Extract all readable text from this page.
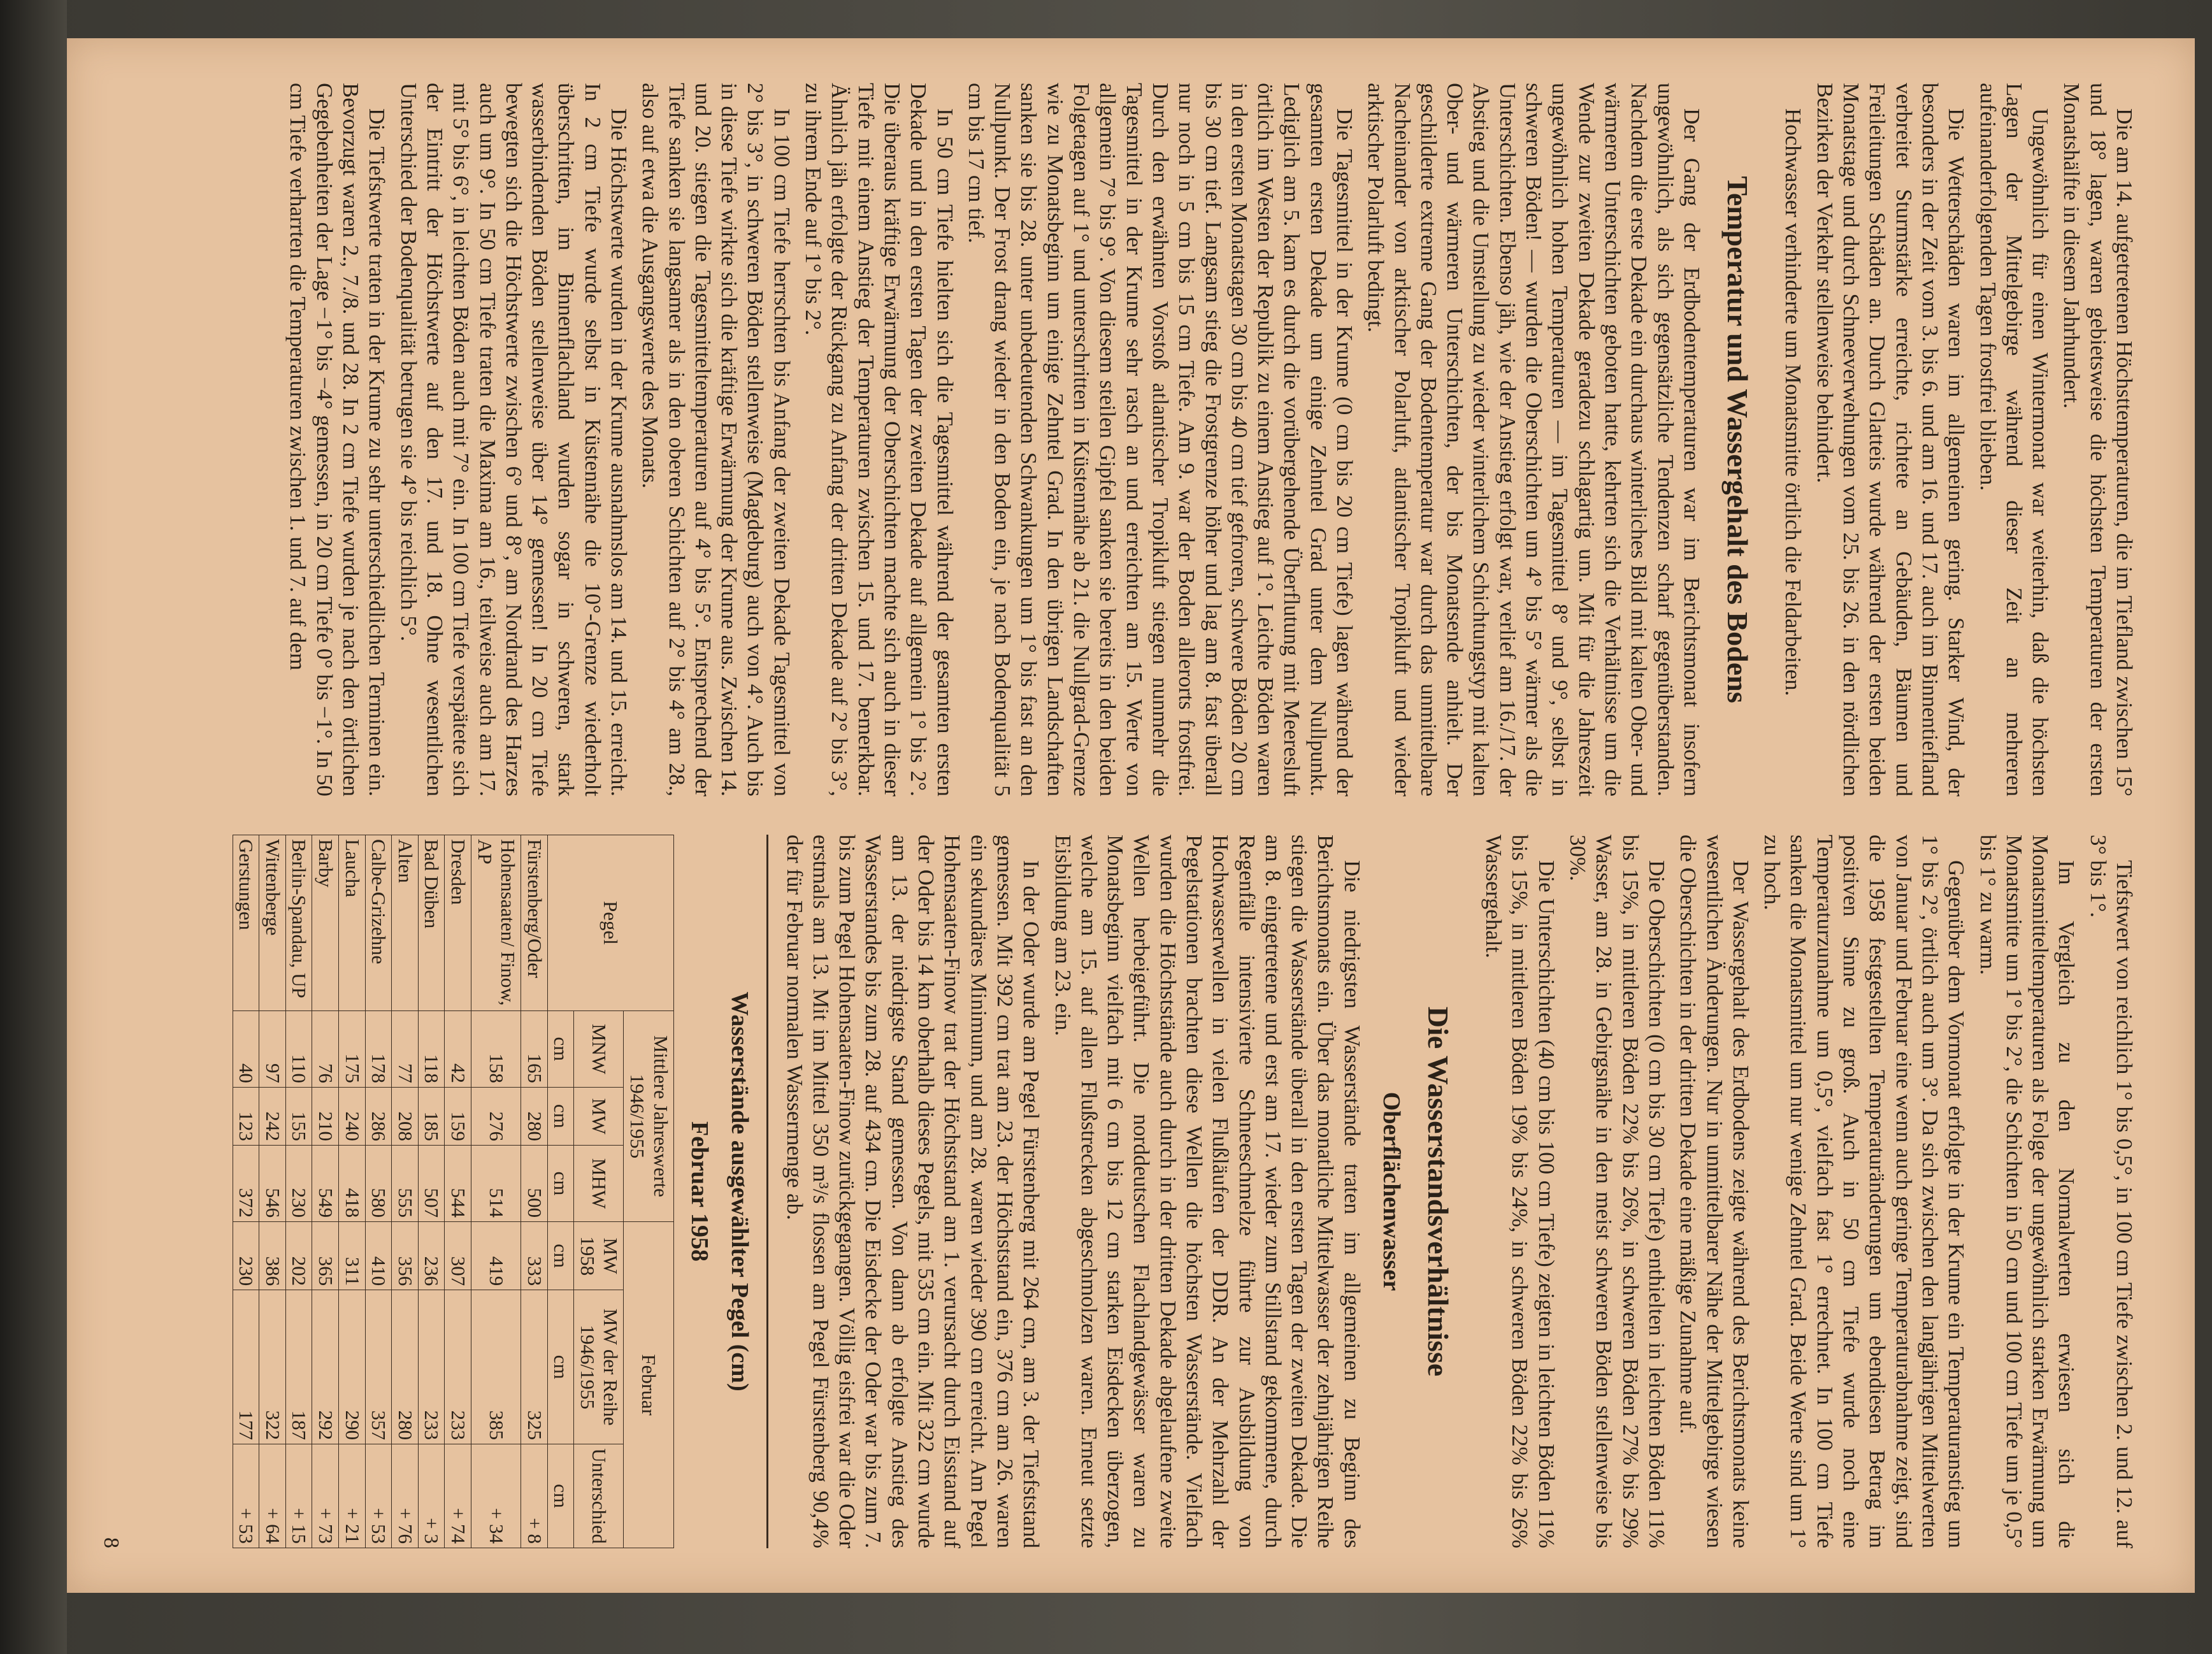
Die am 14. aufgetretenen Höchsttemperaturen, die im Tiefland zwischen 15° und 18° lagen, waren gebietsweise die höchsten Temperaturen der ersten Monatshälfte in diesem Jahrhundert.

Ungewöhnlich für einen Wintermonat war weiterhin, daß die höchsten Lagen der Mittelgebirge während dieser Zeit an mehreren aufeinanderfolgenden Tagen frostfrei blieben.

Die Wetterschäden waren im allgemeinen gering. Starker Wind, der besonders in der Zeit vom 3. bis 6. und am 16. und 17. auch im Binnentiefland verbreitet Sturmstärke erreichte, richtete an Gebäuden, Bäumen und Freileitungen Schäden an. Durch Glatteis wurde während der ersten beiden Monatstage und durch Schneeverwehungen vom 25. bis 26. in den nördlichen Bezirken der Verkehr stellenweise behindert.

Hochwasser verhinderte um Monatsmitte örtlich die Feldarbeiten.

Temperatur und Wassergehalt des Bodens

Der Gang der Erdbodentemperaturen war im Berichtsmonat insofern ungewöhnlich, als sich gegensätzliche Tendenzen scharf gegenüberstanden. Nachdem die erste Dekade ein durchaus winterliches Bild mit kalten Ober- und wärmeren Unterschichten geboten hatte, kehrten sich die Verhältnisse um die Wende zur zweiten Dekade geradezu schlagartig um. Mit für die Jahreszeit ungewöhnlich hohen Temperaturen — im Tagesmittel 8° und 9°, selbst in schweren Böden! — wurden die Oberschichten um 4° bis 5° wärmer als die Unterschichten. Ebenso jäh, wie der Anstieg erfolgt war, verlief am 16./17. der Abstieg und die Umstellung zu wieder winterlichem Schichtungstyp mit kalten Ober- und wärmeren Unterschichten, der bis Monatsende anhielt. Der geschilderte extreme Gang der Bodentemperatur war durch das unmittelbare Nacheinander von arktischer Polarluft, atlantischer Tropikluft und wieder arktischer Polarluft bedingt.

Die Tagesmittel in der Krume (0 cm bis 20 cm Tiefe) lagen während der gesamten ersten Dekade um einige Zehntel Grad unter dem Nullpunkt. Lediglich am 5. kam es durch die vorübergehende Überflutung mit Meeresluft örtlich im Westen der Republik zu einem Anstieg auf 1°. Leichte Böden waren in den ersten Monatstagen 30 cm bis 40 cm tief gefroren, schwere Böden 20 cm bis 30 cm tief. Langsam stieg die Frostgrenze höher und lag am 8. fast überall nur noch in 5 cm bis 15 cm Tiefe. Am 9. war der Boden allerorts frostfrei. Durch den erwähnten Vorstoß atlantischer Tropikluft stiegen nunmehr die Tagesmittel in der Krume sehr rasch an und erreichten am 15. Werte von allgemein 7° bis 9°. Von diesem steilen Gipfel sanken sie bereits in den beiden Folgetagen auf 1° und unterschritten in Küstennähe ab 21. die Nullgrad-Grenze wie zu Monatsbeginn um einige Zehntel Grad. In den übrigen Landschaften sanken sie bis 28. unter unbedeutenden Schwankungen um 1° bis fast an den Nullpunkt. Der Frost drang wieder in den Boden ein, je nach Bodenqualität 5 cm bis 17 cm tief.

In 50 cm Tiefe hielten sich die Tagesmittel während der gesamten ersten Dekade und in den ersten Tagen der zweiten Dekade auf allgemein 1° bis 2°. Die überaus kräftige Erwärmung der Oberschichten machte sich auch in dieser Tiefe mit einem Anstieg der Temperaturen zwischen 15. und 17. bemerkbar. Ähnlich jäh erfolgte der Rückgang zu Anfang der dritten Dekade auf 2° bis 3°, zu ihrem Ende auf 1° bis 2°.

In 100 cm Tiefe herrschten bis Anfang der zweiten Dekade Tagesmittel von 2° bis 3°, in schweren Böden stellenweise (Magdeburg) auch von 4°. Auch bis in diese Tiefe wirkte sich die kräftige Erwärmung der Krume aus. Zwischen 14. und 20. stiegen die Tagesmitteltemperaturen auf 4° bis 5°. Entsprechend der Tiefe sanken sie langsamer als in den oberen Schichten auf 2° bis 4° am 28., also auf etwa die Ausgangswerte des Monats.

Die Höchstwerte wurden in der Krume ausnahmslos am 14. und 15. erreicht. In 2 cm Tiefe wurde selbst in Küstennähe die 10°-Grenze wiederholt überschritten, im Binnenflachland wurden sogar in schweren, stark wasserbindenden Böden stellenweise über 14° gemessen! In 20 cm Tiefe bewegten sich die Höchstwerte zwischen 6° und 8°, am Nordrand des Harzes auch um 9°. In 50 cm Tiefe traten die Maxima am 16., teilweise auch am 17. mit 5° bis 6°, in leichten Böden auch mit 7° ein. In 100 cm Tiefe verspätete sich der Eintritt der Höchstwerte auf den 17. und 18. Ohne wesentlichen Unterschied der Bodenqualität betrugen sie 4° bis reichlich 5°.

Die Tiefstwerte traten in der Krume zu sehr unterschiedlichen Terminen ein. Bevorzugt waren 2., 7./8. und 28. In 2 cm Tiefe wurden je nach den örtlichen Gegebenheiten der Lage −1° bis −4° gemessen, in 20 cm Tiefe 0° bis −1°. In 50 cm Tiefe verharrten die Temperaturen zwischen 1. und 7. auf dem

Tiefstwert von reichlich 1° bis 0,5°, in 100 cm Tiefe zwischen 2. und 12. auf 3° bis 1°.

Im Vergleich zu den Normalwerten erwiesen sich die Monatsmitteltemperaturen als Folge der ungewöhnlich starken Erwärmung um Monatsmitte um 1° bis 2°, die Schichten in 50 cm und 100 cm Tiefe um je 0,5° bis 1° zu warm.

Gegenüber dem Vormonat erfolgte in der Krume ein Temperaturanstieg um 1° bis 2°, örtlich auch um 3°. Da sich zwischen den langjährigen Mittelwerten von Januar und Februar eine wenn auch geringe Temperaturabnahme zeigt, sind die 1958 festgestellten Temperaturänderungen um ebendiesen Betrag im positiven Sinne zu groß. Auch in 50 cm Tiefe wurde noch eine Temperaturzunahme um 0,5°, vielfach fast 1° errechnet. In 100 cm Tiefe sanken die Monatsmittel um nur wenige Zehntel Grad. Beide Werte sind um 1° zu hoch.

Der Wassergehalt des Erdbodens zeigte während des Berichtsmonats keine wesentlichen Änderungen. Nur in unmittelbarer Nähe der Mittelgebirge wiesen die Oberschichten in der dritten Dekade eine mäßige Zunahme auf.

Die Oberschichten (0 cm bis 30 cm Tiefe) enthielten in leichten Böden 11% bis 15%, in mittleren Böden 22% bis 26%, in schweren Böden 27% bis 29% Wasser, am 28. in Gebirgsnähe in den meist schweren Böden stellenweise bis 30%.

Die Unterschichten (40 cm bis 100 cm Tiefe) zeigten in leichten Böden 11% bis 15%, in mittleren Böden 19% bis 24%, in schweren Böden 22% bis 26% Wassergehalt.

Die Wasserstandsverhältnisse
Oberflächenwasser

Die niedrigsten Wasserstände traten im allgemeinen zu Beginn des Berichtsmonats ein. Über das monatliche Mittelwasser der zehnjährigen Reihe stiegen die Wasserstände überall in den ersten Tagen der zweiten Dekade. Die am 8. eingetretene und erst am 17. wieder zum Stillstand gekommene, durch Regenfälle intensivierte Schneeschmelze führte zur Ausbildung von Hochwasserwellen in vielen Flußläufen der DDR. An der Mehrzahl der Pegelstationen brachten diese Wellen die höchsten Wasserstände. Vielfach wurden die Höchststände auch durch in der dritten Dekade abgelaufene zweite Wellen herbeigeführt. Die norddeutschen Flachlandgewässer waren zu Monatsbeginn vielfach mit 6 cm bis 12 cm starken Eisdecken überzogen, welche am 15. auf allen Flußstrecken abgeschmolzen waren. Erneut setzte Eisbildung am 23. ein.

In der Oder wurde am Pegel Fürstenberg mit 264 cm, am 3. der Tiefststand gemessen. Mit 392 cm trat am 23. der Höchststand ein, 376 cm am 26. waren ein sekundäres Minimum, und am 28. waren wieder 390 cm erreicht. Am Pegel Hohensaaten-Finow trat der Höchststand am 1. verursacht durch Eisstand auf der Oder bis 14 km oberhalb dieses Pegels, mit 535 cm ein. Mit 322 cm wurde am 13. der niedrigste Stand gemessen. Von dann ab erfolgte Anstieg des Wasserstandes bis zum 28. auf 434 cm. Die Eisdecke der Oder war bis zum 7. bis zum Pegel Hohensaaten-Finow zurückgegangen. Völlig eisfrei war die Oder erstmals am 13. Mit im Mittel 350 m³/s flossen am Pegel Fürstenberg 90,4% der für Februar normalen Wassermenge ab.

Wasserstände ausgewählter Pegel (cm)
Februar 1958
Pegel	Mittlere Jahreswerte 1946/1955			Februar		
	MNW	MW	MHW	MW 1958	MW der Reihe 1946/1955	Unterschied
	cm	cm	cm	cm	cm	cm
Fürstenberg/Oder	165	280	500	333	325	+ 8
Hohensaaten/ Finow, AP	158	276	514	419	385	+ 34
Dresden	42	159	544	307	233	+ 74
Bad Düben	118	185	507	236	233	+ 3
Alten	77	208	555	356	280	+ 76
Calbe-Grizehne	178	286	580	410	357	+ 53
Laucha	175	240	418	311	290	+ 21
Barby	76	210	549	365	292	+ 73
Berlin-Spandau, UP	110	155	230	202	187	+ 15
Wittenberge	97	242	546	386	322	+ 64
Gerstungen	40	123	372	230	177	+ 53
8
